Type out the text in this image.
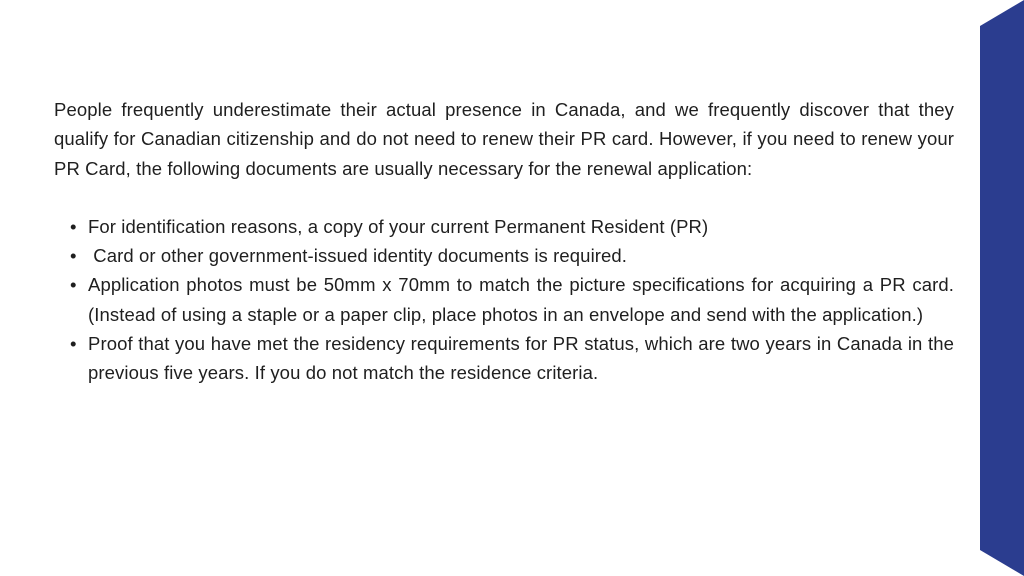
People frequently underestimate their actual presence in Canada, and we frequently discover that they qualify for Canadian citizenship and do not need to renew their PR card. However, if you need to renew your PR Card, the following documents are usually necessary for the renewal application:

• For identification reasons, a copy of your current Permanent Resident (PR)
• Card or other government-issued identity documents is required.
• Application photos must be 50mm x 70mm to match the picture specifications for acquiring a PR card. (Instead of using a staple or a paper clip, place photos in an envelope and send with the application.)
• Proof that you have met the residency requirements for PR status, which are two years in Canada in the previous five years. If you do not match the residence criteria.
